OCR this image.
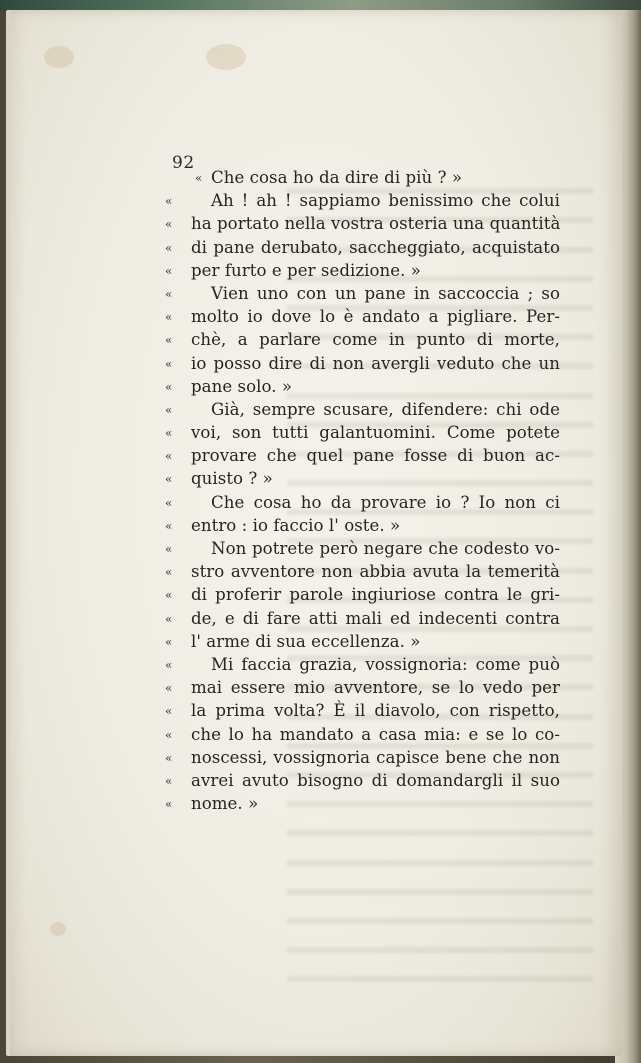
92
« Che cosa ho da dire di più ? »
«	Ah ! ah ! sappiamo benissimo che colui
«	ha portato nella vostra osteria una quantità
«	di pane derubato, saccheggiato, acquistato
«	per furto e per sedizione. »
«	Vien uno con un pane in saccoccia ; so
«	molto io dove lo è andato a pigliare. Per-
«	chè, a parlare come in punto di morte,
«	io posso dire di non avergli veduto che un
«	pane solo. »
«	Già, sempre scusare, difendere: chi ode
«	voi, son tutti galantuomini. Come potete
«	provare che quel pane fosse di buon ac-
«	quisto ? »
«	Che cosa ho da provare io ? Io non ci
«	entro : io faccio l' oste. »
«	Non potrete però negare che codesto vo-
«	stro avventore non abbia avuta la temerità
«	di proferir parole ingiuriose contra le gri-
«	de, e di fare atti mali ed indecenti contra
«	l' arme di sua eccellenza. »
«	Mi faccia grazia, vossignoria: come può
«	mai essere mio avventore, se lo vedo per
«	la prima volta? È il diavolo, con rispetto,
«	che lo ha mandato a casa mia: e se lo co-
«	noscessi, vossignoria capisce bene che non
«	avrei avuto bisogno di domandargli il suo
«	nome. »
